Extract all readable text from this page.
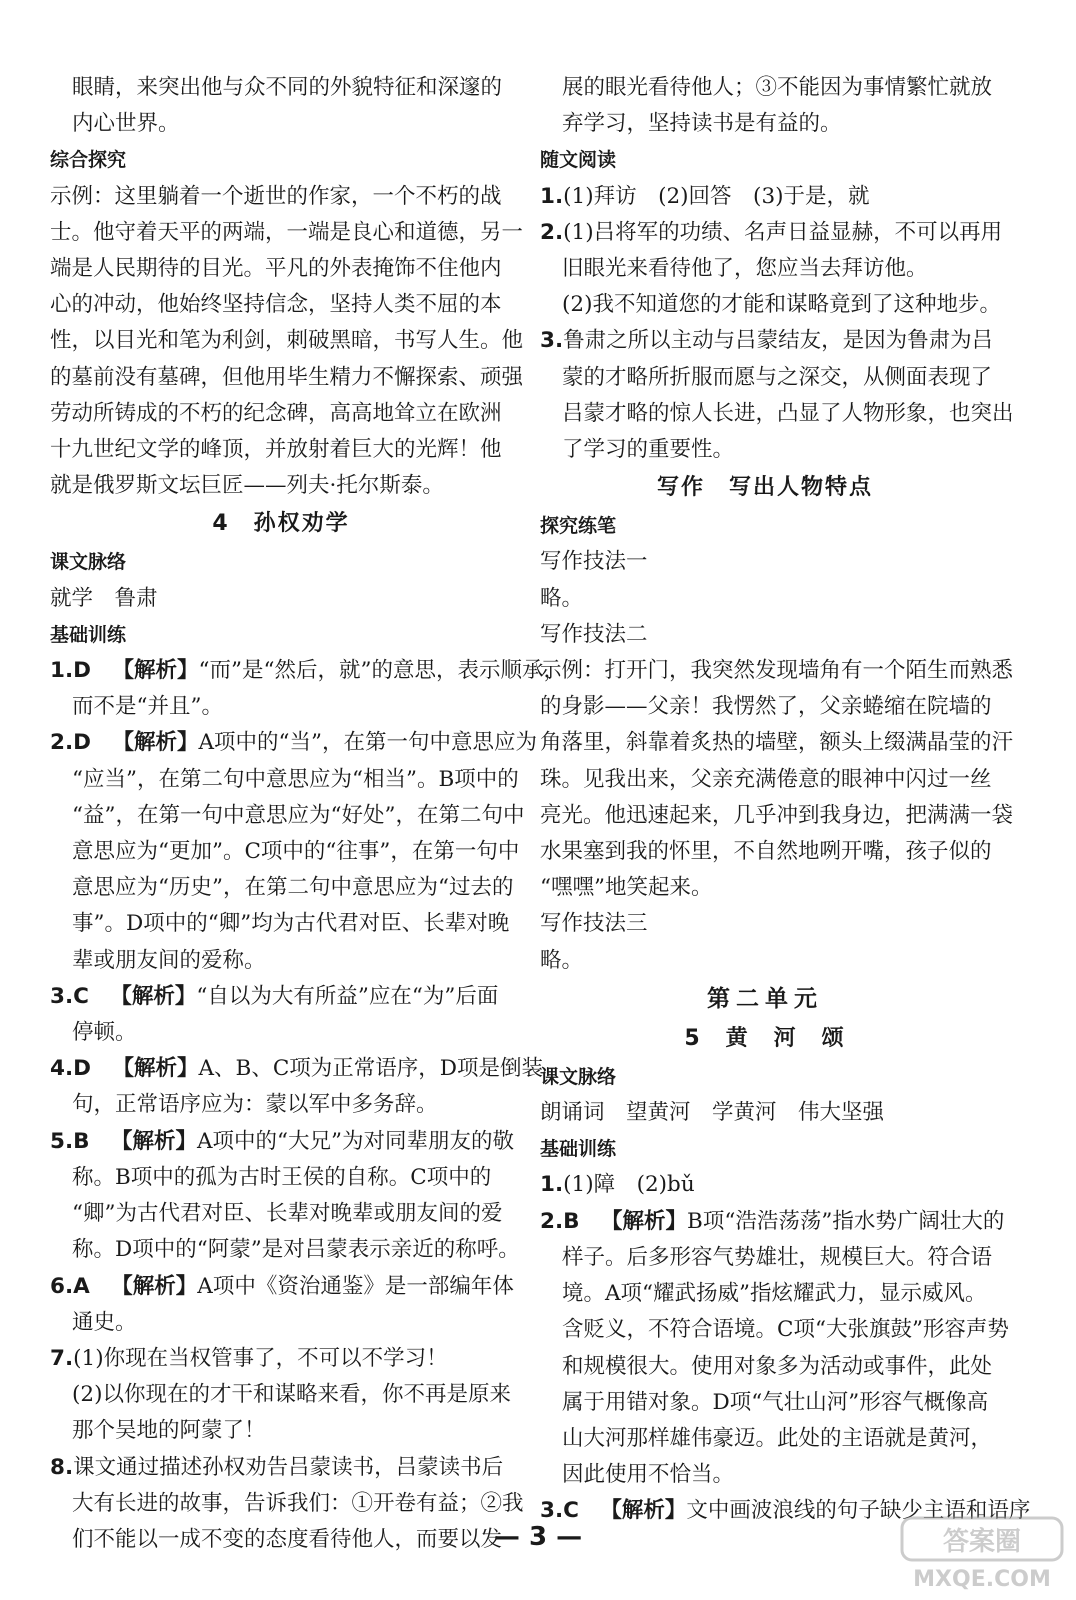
眼睛，来突出他与众不同的外貌特征和深邃的
内心世界。
综合探究
示例：这里躺着一个逝世的作家，一个不朽的战
士。他守着天平的两端，一端是良心和道德，另一
端是人民期待的目光。平凡的外表掩饰不住他内
心的冲动，他始终坚持信念，坚持人类不屈的本
性，以目光和笔为利剑，刺破黑暗，书写人生。他
的墓前没有墓碑，但他用毕生精力不懈探索、顽强
劳动所铸成的不朽的纪念碑，高高地耸立在欧洲
十九世纪文学的峰顶，并放射着巨大的光辉！他
就是俄罗斯文坛巨匠——列夫·托尔斯泰。
4　孙权劝学
课文脉络
就学　鲁肃
基础训练
1.D  【解析】“而”是“然后，就”的意思，表示顺承，
而不是“并且”。
2.D  【解析】A项中的“当”，在第一句中意思应为
“应当”，在第二句中意思应为“相当”。B项中的
“益”，在第一句中意思应为“好处”，在第二句中
意思应为“更加”。C项中的“往事”，在第一句中
意思应为“历史”，在第二句中意思应为“过去的
事”。D项中的“卿”均为古代君对臣、长辈对晚
辈或朋友间的爱称。
3.C  【解析】“自以为大有所益”应在“为”后面
停顿。
4.D  【解析】A、B、C项为正常语序，D项是倒装
句，正常语序应为：蒙以军中多务辞。
5.B  【解析】A项中的“大兄”为对同辈朋友的敬
称。B项中的孤为古时王侯的自称。C项中的
“卿”为古代君对臣、长辈对晚辈或朋友间的爱
称。D项中的“阿蒙”是对吕蒙表示亲近的称呼。
6.A  【解析】A项中《资治通鉴》是一部编年体
通史。
7.(1)你现在当权管事了，不可以不学习！
(2)以你现在的才干和谋略来看，你不再是原来
那个吴地的阿蒙了！
8.课文通过描述孙权劝告吕蒙读书，吕蒙读书后
大有长进的故事，告诉我们：①开卷有益；②我
们不能以一成不变的态度看待他人，而要以发
展的眼光看待他人；③不能因为事情繁忙就放
弃学习，坚持读书是有益的。
随文阅读
1.(1)拜访　(2)回答　(3)于是，就
2.(1)吕将军的功绩、名声日益显赫，不可以再用
旧眼光来看待他了，您应当去拜访他。
(2)我不知道您的才能和谋略竟到了这种地步。
3.鲁肃之所以主动与吕蒙结友，是因为鲁肃为吕
蒙的才略所折服而愿与之深交，从侧面表现了
吕蒙才略的惊人长进，凸显了人物形象，也突出
了学习的重要性。
写作　写出人物特点
探究练笔
写作技法一
略。
写作技法二
示例：打开门，我突然发现墙角有一个陌生而熟悉
的身影——父亲！我愣然了，父亲蜷缩在院墙的
角落里，斜靠着炙热的墙壁，额头上缀满晶莹的汗
珠。见我出来，父亲充满倦意的眼神中闪过一丝
亮光。他迅速起来，几乎冲到我身边，把满满一袋
水果塞到我的怀里，不自然地咧开嘴，孩子似的
“嘿嘿”地笑起来。
写作技法三
略。
第二单元
5　黄　河　颂
课文脉络
朗诵词　望黄河　学黄河　伟大坚强
基础训练
1.(1)障　(2)bǔ
2.B  【解析】B项“浩浩荡荡”指水势广阔壮大的
样子。后多形容气势雄壮，规模巨大。符合语
境。A项“耀武扬威”指炫耀武力，显示威风。
含贬义，不符合语境。C项“大张旗鼓”形容声势
和规模很大。使用对象多为活动或事件，此处
属于用错对象。D项“气壮山河”形容气概像高
山大河那样雄伟豪迈。此处的主语就是黄河，
因此使用不恰当。
3.C  【解析】文中画波浪线的句子缺少主语和语序
— 3 —	答案圈
MXQE.COM
